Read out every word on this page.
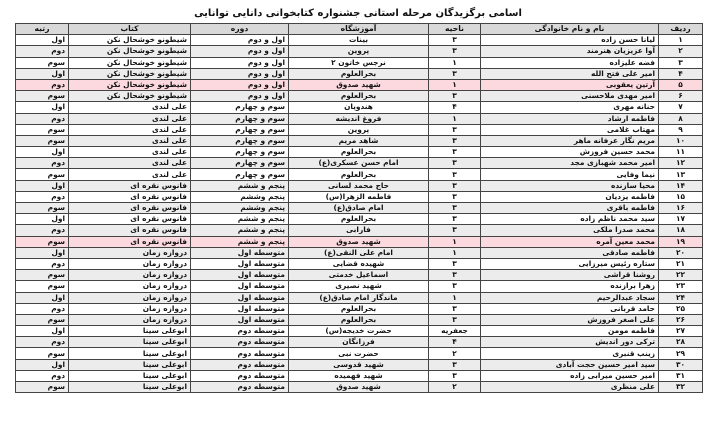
اسامی برگزیدگان مرحله استانی جشنواره کتابخوانی دانایی توانایی
ردیف	نام و نام خانوادگی	ناحیه	آموزشگاه	دوره	کتاب	رتبه
۱	لیانا حسن زاده	۳	بینات	اول و دوم	شیطونو خوشحال نکن	اول
۲	آوا عزیزیان هنرمند	۳	پروین	اول و دوم	شیطونو خوشحال نکن	دوم
۳	فضه علیزاده	۱	نرجس خاتون ۲	اول و دوم	شیطونو خوشحال نکن	سوم
۴	امیر علی فتح الله	۳	بحرالعلوم	اول و دوم	شیطونو خوشحال نکن	اول
۵	آرتین یعقوبی	۱	شهید صدوق	اول و دوم	شیطونو خوشحال نکن	دوم
۶	امیر مهدی ملاحسنی	۳	بحرالعلوم	اول و دوم	شیطونو خوشحال نکن	سوم
۷	حنانه مهری	۴	هندویان	سوم و چهارم	علی لندی	اول
۸	فاطمه ارشاد	۱	فروغ اندیشه	سوم و چهارم	علی لندی	دوم
۹	مهتاب غلامی	۳	پروین	سوم و چهارم	علی لندی	سوم
۱۰	مریم نگار عرفانه ماهر	۳	شاهد مریم	سوم و چهارم	علی لندی	سوم
۱۱	محمد حسین فروزش	۳	بحرالعلوم	سوم و چهارم	علی لندی	اول
۱۲	امیر محمد شهبازی مجد	۳	امام حسن عسکری(ع)	سوم و چهارم	علی لندی	دوم
۱۳	نیما وفایی	۳	بحرالعلوم	سوم و چهارم	علی لندی	سوم
۱۴	محیا سازنده	۳	حاج محمد لسانی	پنجم و ششم	فانوس نقره ای	اول
۱۵	فاطمه یزدیان	۳	فاطمه الزهرا(س)	پنجم وششم	فانوس نقره ای	دوم
۱۶	فاطمه باقری	۳	امام صادق(ع)	پنجم وششم	فانوس نقره ای	سوم
۱۷	سید محمد ناظم زاده	۳	بحرالعلوم	پنجم و ششم	فانوس نقره ای	اول
۱۸	محمد صدرا ملکی	۳	فارابی	پنجم و ششم	فانوس نقره ای	دوم
۱۹	محمد معین آمره	۱	شهید صدوق	پنجم و ششم	فانوس نقره ای	سوم
۲۰	فاطمه صادقی	۱	امام علی النقی(ع)	متوسطه اول	دروازه زمان	اول
۲۱	ستاره رئیس میرزایی	۳	شهیده قضایی	متوسطه اول	دروازه زمان	دوم
۲۲	روشنا قراشی	۳	اسماعیل خدمتی	متوسطه اول	دروازه زمان	سوم
۲۳	زهرا برازنده	۳	شهید نصیری	متوسطه اول	دروازه زمان	سوم
۲۴	سجاد عبدالرحیم	۱	ماندگار امام صادق(ع)	متوسطه اول	دروازه زمان	اول
۲۵	حامد قربانی	۳	بحرالعلوم	متوسطه اول	دروازه زمان	دوم
۲۶	علی اصغر فروزش	۳	بحرالعلوم	متوسطه اول	دروازه زمان	سوم
۲۷	فاطمه مومن	جعفریه	حضرت خدیجه(س)	متوسطه دوم	ابوعلی سینا	اول
۲۸	ترکی دور اندیش	۴	فرزانگان	متوسطه دوم	ابوعلی سینا	دوم
۲۹	زینب قنبری	۲	حضرت نبی	متوسطه دوم	ابوعلی سینا	سوم
۳۰	سید امیر حسین حجت آبادی	۳	شهید قدوسی	متوسطه دوم	ابوعلی سینا	اول
۳۱	امیر حسین میرابی زاده	۳	شهید فهمیده	متوسطه دوم	ابوعلی سینا	دوم
۳۲	علی منظری	۲	شهید صدوق	متوسطه دوم	ابوعلی سینا	سوم
